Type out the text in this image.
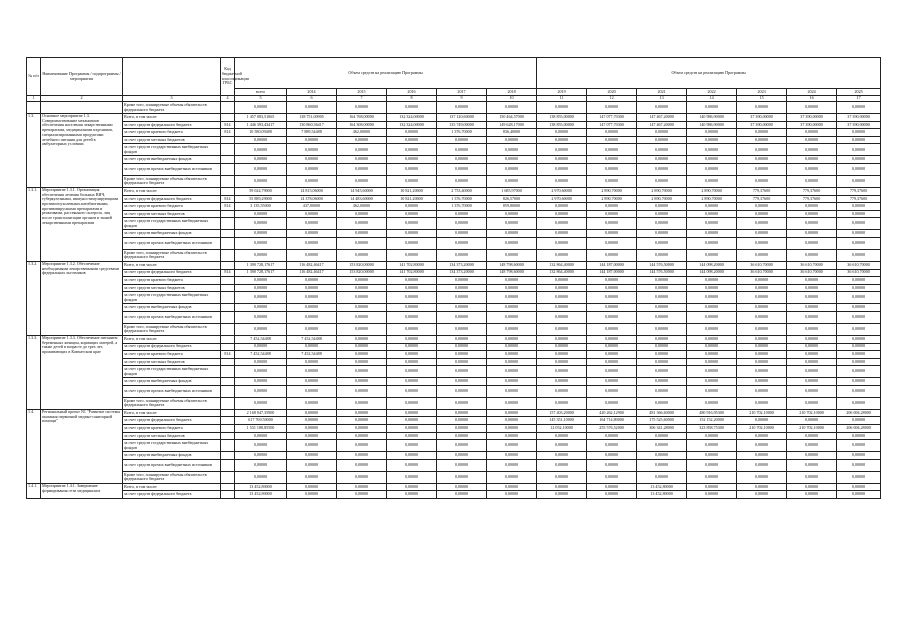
№ п/п	Наименование Программы / подпрограммы / мероприятия		Код бюджетной классификации ГРБС	Объем средств на реализацию Программы						Объем средств на реализацию Программы						
				всего	2014	2015	2016	2017	2018	2019	2020	2021	2022	2023	2024	2025
1	2	3	4	5	6	7	8	9	10	11	12	13	14	15	16	17
		Кроме того, планируемые объемы обязательств федерального бюджета		0,00000	0,00000	0,00000	0,00000	0,00000	0,00000	0,00000	0,00000	0,00000	0,00000	0,00000	0,00000	0,00000
1.3.	Основное мероприятие 1.3. Совершенствование механизмов обеспечения населения лекарственными препаратами, медицинскими изделиями, специализированными продуктами лечебного питания для детей в амбулаторных условиях	Всего, в том числе:		1 457 083,51065	138 751,00905	164 768,00000	132 324,00000	137 120,60000	150 464,57000	138 855,00000	147 077,70300	147 467,20000	140 986,90000	37 390,00000	37 390,00000	37 390,00000
		за счет средств федерального бюджета	814	1 446 393,43417	130 860,36417	164 308,00000	132 324,00000	135 749,00000	149 628,17000	138 855,00000	147 077,70300	147 467,20000	140 986,90000	37 390,00000	37 390,00000	37 390,00000
		за счет средств краевого бюджета	814	10 580,09488	7 889,54488	462,00000	0,00000	1 376,70000	836,40000	0,00000	0,00000	0,00000	0,00000	0,00000	0,00000	0,00000
		за счет средств местных бюджетов		0,00000	0,00000	0,00000	0,00000	0,00000	0,00000	0,00000	0,00000	0,00000	0,00000	0,00000	0,00000	0,00000
		за счет средств государственных внебюджетных фондов		0,00000	0,00000	0,00000	0,00000	0,00000	0,00000	0,00000	0,00000	0,00000	0,00000	0,00000	0,00000	0,00000
		за счет средств внебюджетных фондов		0,00000	0,00000	0,00000	0,00000	0,00000	0,00000	0,00000	0,00000	0,00000	0,00000	0,00000	0,00000	0,00000
		за счет средств прочих внебюджетных источников		0,00000	0,00000	0,00000	0,00000	0,00000	0,00000	0,00000	0,00000	0,00000	0,00000	0,00000	0,00000	0,00000
		Кроме того, планируемые объемы обязательств федерального бюджета		0,00000	0,00000	0,00000	0,00000	0,00000	0,00000	0,00000	0,00000	0,00000	0,00000	0,00000	0,00000	0,00000
1.3.1.	Мероприятие 1.3.1. Организация обеспечения лечения больных ВИЧ, туберкулезными, иммуностимулирующими противоопухолевыми антибиотиками, противовирусными препаратами и реактивами, рассеянного склероза, лиц после трансплантации органов и тканей лекарственными препаратами	Всего, в том числе:		59 024,79000	14 815,06000	14 945,60000	10 821,20000	2 753,40000	1 685,97000	2 970,60000	2 890,70000	2 890,70000	2 890,70000	779,37600	779,37600	779,37600
		за счет средств федерального бюджета	814	55 889,29000	14 378,06000	14 483,60000	10 821,20000	1 376,70000	826,57000	2 970,60000	2 890,70000	2 890,70000	2 890,70000	779,37600	779,37600	779,37600
		за счет средств краевого бюджета	814	3 135,55000	437,00000	462,00000	0,00000	1 376,70000	859,80000	0,00000	0,00000	0,00000	0,00000	0,00000	0,00000	0,00000
		за счет средств местных бюджетов		0,00000	0,00000	0,00000	0,00000	0,00000	0,00000	0,00000	0,00000	0,00000	0,00000	0,00000	0,00000	0,00000
		за счет средств государственных внебюджетных фондов		0,00000	0,00000	0,00000	0,00000	0,00000	0,00000	0,00000	0,00000	0,00000	0,00000	0,00000	0,00000	0,00000
		за счет средств внебюджетных фондов		0,00000	0,00000	0,00000	0,00000	0,00000	0,00000	0,00000	0,00000	0,00000	0,00000	0,00000	0,00000	0,00000
		за счет средств прочих внебюджетных источников		0,00000	0,00000	0,00000	0,00000	0,00000	0,00000	0,00000	0,00000	0,00000	0,00000	0,00000	0,00000	0,00000
		Кроме того, планируемые объемы обязательств федерального бюджета		0,00000	0,00000	0,00000	0,00000	0,00000	0,00000	0,00000	0,00000	0,00000	0,00000	0,00000	0,00000	0,00000
1.3.2.	Мероприятие 1.3.2. Обеспечение необходимыми лекарственными средствами федеральных льготников	Всего, в том числе:		1 390 728,17617	116 482,46417	153 820,00000	141 702,80000	134 373,20000	148 798,60000	132 864,40000	144 187,00000	144 576,50000	144 098,20000	36 610,70000	36 610,70000	36 610,70000
		за счет средств федерального бюджета	814	1 390 728,17617	116 482,46417	153 820,00000	141 702,80000	134 373,20000	148 798,60000	132 864,40000	144 187,00000	144 576,50000	144 098,20000	36 610,70000	36 610,70000	36 610,70000
		за счет средств краевого бюджета		0,00000	0,00000	0,00000	0,00000	0,00000	0,00000	0,00000	0,00000	0,00000	0,00000	0,00000	0,00000	0,00000
		за счет средств местных бюджетов		0,00000	0,00000	0,00000	0,00000	0,00000	0,00000	0,00000	0,00000	0,00000	0,00000	0,00000	0,00000	0,00000
		за счет средств государственных внебюджетных фондов		0,00000	0,00000	0,00000	0,00000	0,00000	0,00000	0,00000	0,00000	0,00000	0,00000	0,00000	0,00000	0,00000
		за счет средств внебюджетных фондов		0,00000	0,00000	0,00000	0,00000	0,00000	0,00000	0,00000	0,00000	0,00000	0,00000	0,00000	0,00000	0,00000
		за счет средств прочих внебюджетных источников		0,00000	0,00000	0,00000	0,00000	0,00000	0,00000	0,00000	0,00000	0,00000	0,00000	0,00000	0,00000	0,00000
		Кроме того, планируемые объемы обязательств федерального бюджета		0,00000	0,00000	0,00000	0,00000	0,00000	0,00000	0,00000	0,00000	0,00000	0,00000	0,00000	0,00000	0,00000
1.3.3.	Мероприятие 1.3.3. Обеспечение питанием беременных женщин, кормящих матерей, а также детей в возрасте до трех лет, проживающих в Камчатском крае	Всего, в том числе:		7 452,54488	7 452,54488	0,00000	0,00000	0,00000	0,00000	0,00000	0,00000	0,00000	0,00000	0,00000	0,00000	0,00000
		за счет средств федерального бюджета		0,00000	0,00000	0,00000	0,00000	0,00000	0,00000	0,00000	0,00000	0,00000	0,00000	0,00000	0,00000	0,00000
		за счет средств краевого бюджета	814	7 452,54488	7 452,54488	0,00000	0,00000	0,00000	0,00000	0,00000	0,00000	0,00000	0,00000	0,00000	0,00000	0,00000
		за счет средств местных бюджетов		0,00000	0,00000	0,00000	0,00000	0,00000	0,00000	0,00000	0,00000	0,00000	0,00000	0,00000	0,00000	0,00000
		за счет средств государственных внебюджетных фондов		0,00000	0,00000	0,00000	0,00000	0,00000	0,00000	0,00000	0,00000	0,00000	0,00000	0,00000	0,00000	0,00000
		за счет средств внебюджетных фондов		0,00000	0,00000	0,00000	0,00000	0,00000	0,00000	0,00000	0,00000	0,00000	0,00000	0,00000	0,00000	0,00000
		за счет средств прочих внебюджетных источников		0,00000	0,00000	0,00000	0,00000	0,00000	0,00000	0,00000	0,00000	0,00000	0,00000	0,00000	0,00000	0,00000
		Кроме того, планируемые объемы обязательств федерального бюджета		0,00000	0,00000	0,00000	0,00000	0,00000	0,00000	0,00000	0,00000	0,00000	0,00000	0,00000	0,00000	0,00000
1.4.	Региональный проект N1 "Развитие системы оказания первичной медико-санитарной помощи"	Всего, в том числе:		2 168 047,35900	0,00000	0,00000	0,00000	0,00000	0,00000	157 403,20000	420 262,12900	481 366,60000	480 916,95300	210 702,10000	210 702,10000	206 694,28000
		за счет средств федерального бюджета		617 769,50000	0,00000	0,00000	0,00000	0,00000	0,00000	145 351,10000	164 714,80000	175 525,60000	152 152,20000	0,00000	0,00000	0,00000
		за счет средств краевого бюджета		1 531 188,85500	0,00000	0,00000	0,00000	0,00000	0,00000	12 052,10000	255 576,52000	306 341,28000	323 858,75300	210 702,10000	210 702,10000	206 694,28000
		за счет средств местных бюджетов		0,00000	0,00000	0,00000	0,00000	0,00000	0,00000	0,00000	0,00000	0,00000	0,00000	0,00000	0,00000	0,00000
		за счет средств государственных внебюджетных фондов		0,00000	0,00000	0,00000	0,00000	0,00000	0,00000	0,00000	0,00000	0,00000	0,00000	0,00000	0,00000	0,00000
		за счет средств внебюджетных фондов		0,00000	0,00000	0,00000	0,00000	0,00000	0,00000	0,00000	0,00000	0,00000	0,00000	0,00000	0,00000	0,00000
		за счет средств прочих внебюджетных источников		0,00000	0,00000	0,00000	0,00000	0,00000	0,00000	0,00000	0,00000	0,00000	0,00000	0,00000	0,00000	0,00000
		Кроме того, планируемые объемы обязательств федерального бюджета		0,00000	0,00000	0,00000	0,00000	0,00000	0,00000	0,00000	0,00000	0,00000	0,00000	0,00000	0,00000	0,00000
1.4.1.	Мероприятие 1.4.1. Завершение формирования сети медицинских	Всего, в том числе:		13 452,80000	0,00000	0,00000	0,00000	0,00000	0,00000	0,00000	0,00000	13 452,80000	0,00000	0,00000	0,00000	0,00000
		за счет средств федерального бюджета		13 452,80000	0,00000	0,00000	0,00000	0,00000	0,00000	0,00000	0,00000	13 452,80000	0,00000	0,00000	0,00000	0,00000
